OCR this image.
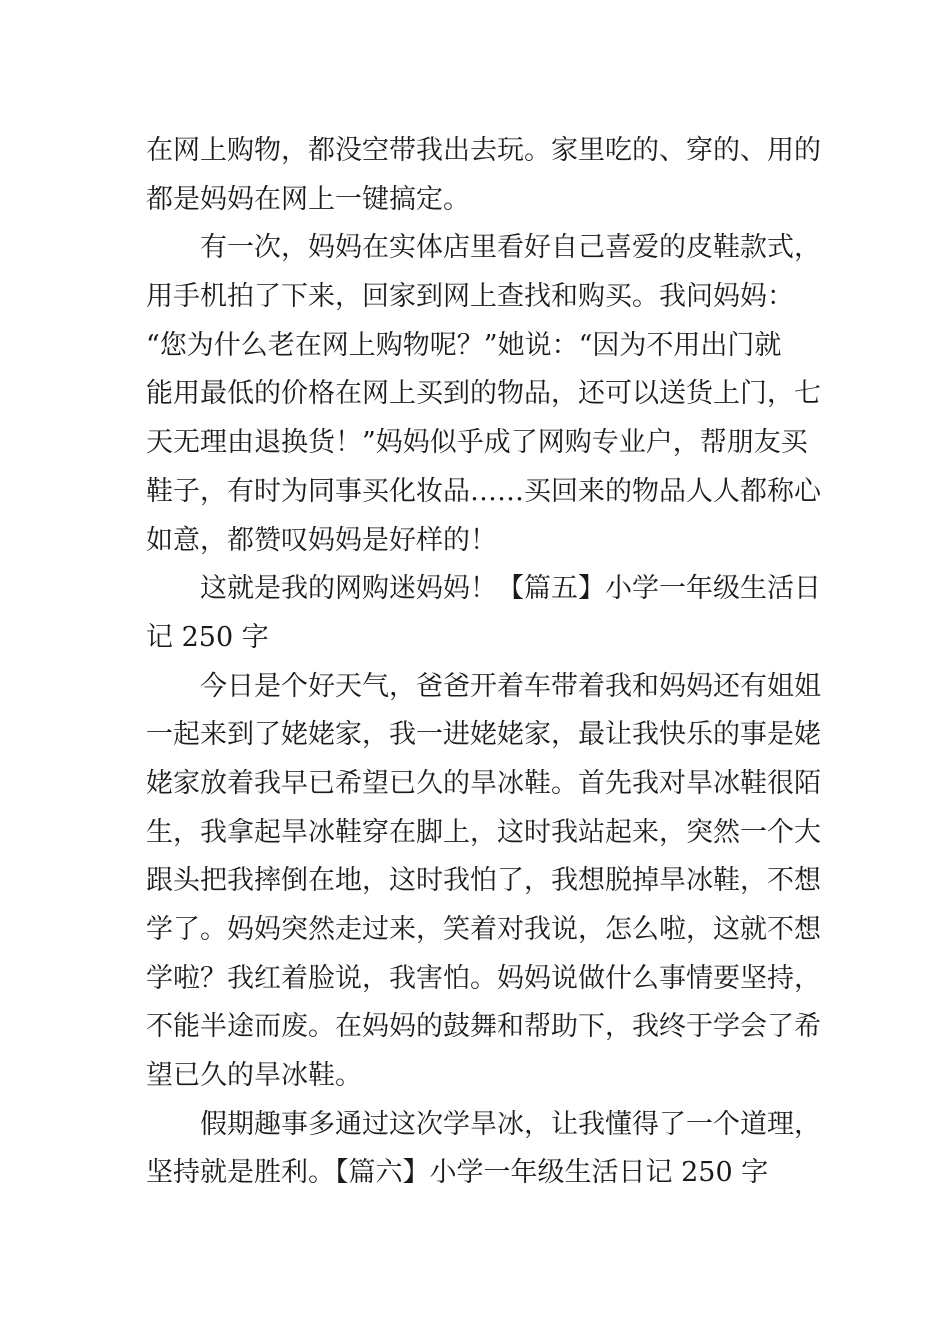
在网上购物，都没空带我出去玩。家里吃的、穿的、用的
都是妈妈在网上一键搞定。
有一次，妈妈在实体店里看好自己喜爱的皮鞋款式，
用手机拍了下来，回家到网上查找和购买。我问妈妈：
“您为什么老在网上购物呢？”她说：“因为不用出门就
能用最低的价格在网上买到的物品，还可以送货上门，七
天无理由退换货！”妈妈似乎成了网购专业户，帮朋友买
鞋子，有时为同事买化妆品……买回来的物品人人都称心
如意，都赞叹妈妈是好样的！
这就是我的网购迷妈妈！【篇五】小学一年级生活日
记 250 字
今日是个好天气，爸爸开着车带着我和妈妈还有姐姐
一起来到了姥姥家，我一进姥姥家，最让我快乐的事是姥
姥家放着我早已希望已久的旱冰鞋。首先我对旱冰鞋很陌
生，我拿起旱冰鞋穿在脚上，这时我站起来，突然一个大
跟头把我摔倒在地，这时我怕了，我想脱掉旱冰鞋，不想
学了。妈妈突然走过来，笑着对我说，怎么啦，这就不想
学啦？我红着脸说，我害怕。妈妈说做什么事情要坚持，
不能半途而废。在妈妈的鼓舞和帮助下，我终于学会了希
望已久的旱冰鞋。
假期趣事多通过这次学旱冰，让我懂得了一个道理，
坚持就是胜利。【篇六】小学一年级生活日记 250 字
